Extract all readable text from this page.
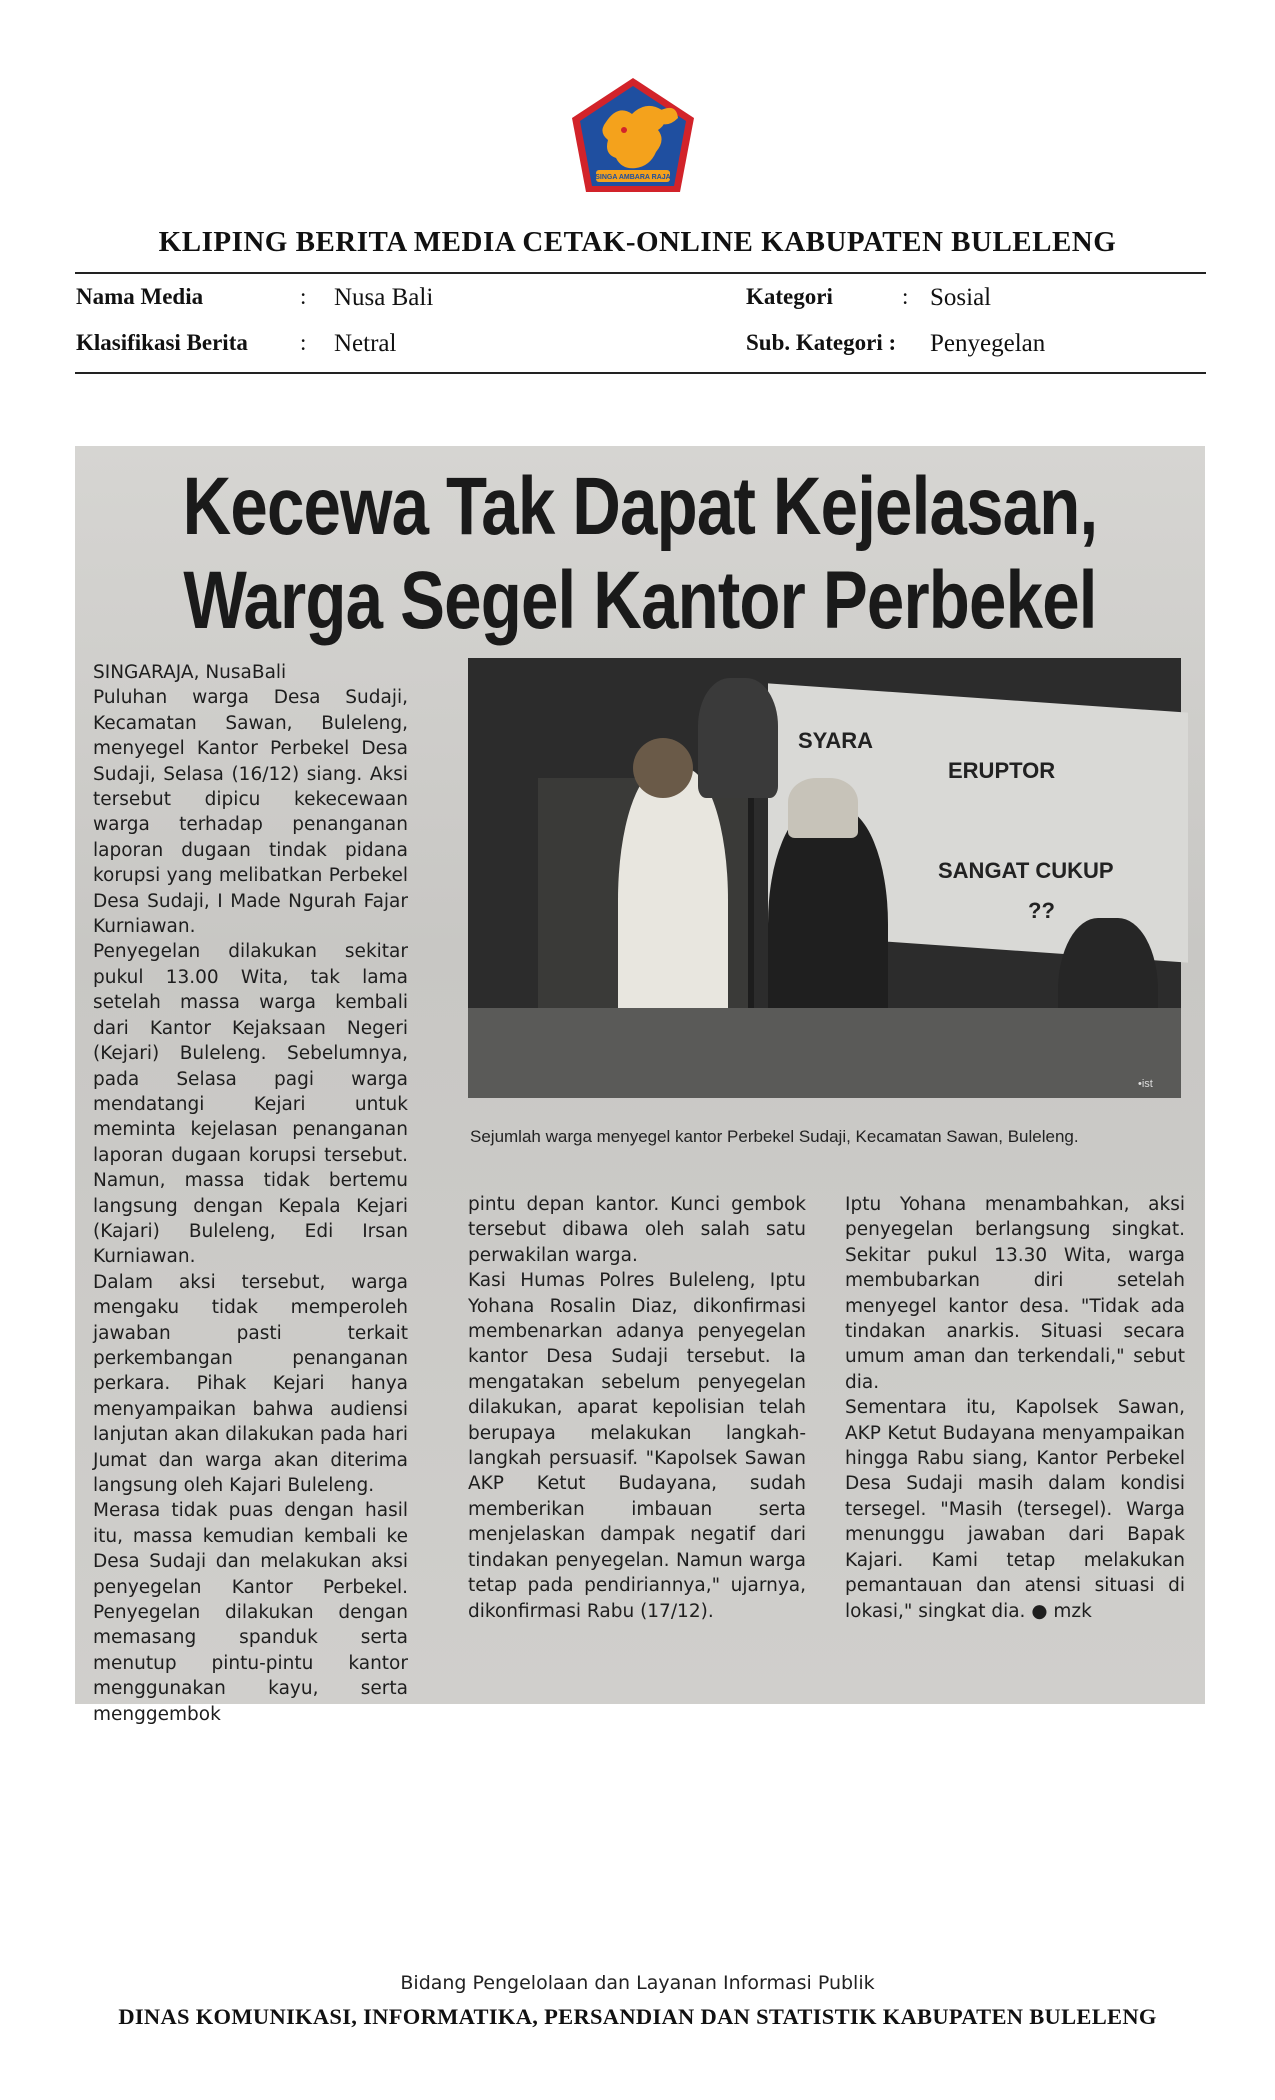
SINGA AMBARA RAJA
KLIPING BERITA MEDIA CETAK-ONLINE KABUPATEN BULELENG
Nama Media	: Nusa Bali
Klasifikasi Berita : Netral
Kategori	: Sosial
Sub. Kategori : Penyegelan
Kecewa Tak Dapat Kejelasan,
Warga Segel Kantor Perbekel
SYARA
ERUPTOR
SANGAT CUKUP
??
•ist
Sejumlah warga menyegel kantor Perbekel Sudaji, Kecamatan Sawan, Buleleng.
SINGARAJA, NusaBali
Puluhan warga Desa Sudaji, Kecamatan Sawan, Buleleng, menyegel Kantor Perbekel Desa Sudaji, Selasa (16/12) siang. Aksi tersebut dipicu kekecewaan warga terhadap penanganan laporan dugaan tindak pidana korupsi yang melibatkan Perbekel Desa Sudaji, I Made Ngurah Fajar Kurniawan.
Penyegelan dilakukan sekitar pukul 13.00 Wita, tak lama setelah massa warga kembali dari Kantor Kejaksaan Negeri (Kejari) Buleleng. Sebelumnya, pada Selasa pagi warga mendatangi Kejari untuk meminta kejelasan penanganan laporan dugaan korupsi tersebut. Namun, massa tidak bertemu langsung dengan Kepala Kejari (Kajari) Buleleng, Edi Irsan Kurniawan.
Dalam aksi tersebut, warga mengaku tidak memperoleh jawaban pasti terkait perkembangan penanganan perkara. Pihak Kejari hanya menyampaikan bahwa audiensi lanjutan akan dilakukan pada hari Jumat dan warga akan diterima langsung oleh Kajari Buleleng.
Merasa tidak puas dengan hasil itu, massa kemudian kembali ke Desa Sudaji dan melakukan aksi penyegelan Kantor Perbekel. Penyegelan dilakukan dengan memasang spanduk serta menutup pintu-pintu kantor menggunakan kayu, serta menggembok
pintu depan kantor. Kunci gembok tersebut dibawa oleh salah satu perwakilan warga.
Kasi Humas Polres Buleleng, Iptu Yohana Rosalin Diaz, dikonfirmasi membenarkan adanya penyegelan kantor Desa Sudaji tersebut. Ia mengatakan sebelum penyegelan dilakukan, aparat kepolisian telah berupaya melakukan langkah-langkah persuasif. "Kapolsek Sawan AKP Ketut Budayana, sudah memberikan imbauan serta menjelaskan dampak negatif dari tindakan penyegelan. Namun warga tetap pada pendiriannya," ujarnya, dikonfirmasi Rabu (17/12).
Iptu Yohana menambahkan, aksi penyegelan berlangsung singkat. Sekitar pukul 13.30 Wita, warga membubarkan diri setelah menyegel kantor desa. "Tidak ada tindakan anarkis. Situasi secara umum aman dan terkendali," sebut dia.
Sementara itu, Kapolsek Sawan, AKP Ketut Budayana menyampaikan hingga Rabu siang, Kantor Perbekel Desa Sudaji masih dalam kondisi tersegel. "Masih (tersegel). Warga menunggu jawaban dari Bapak Kajari. Kami tetap melakukan pemantauan dan atensi situasi di lokasi," singkat dia. ● mzk
Bidang Pengelolaan dan Layanan Informasi Publik
DINAS KOMUNIKASI, INFORMATIKA, PERSANDIAN DAN STATISTIK KABUPATEN BULELENG
